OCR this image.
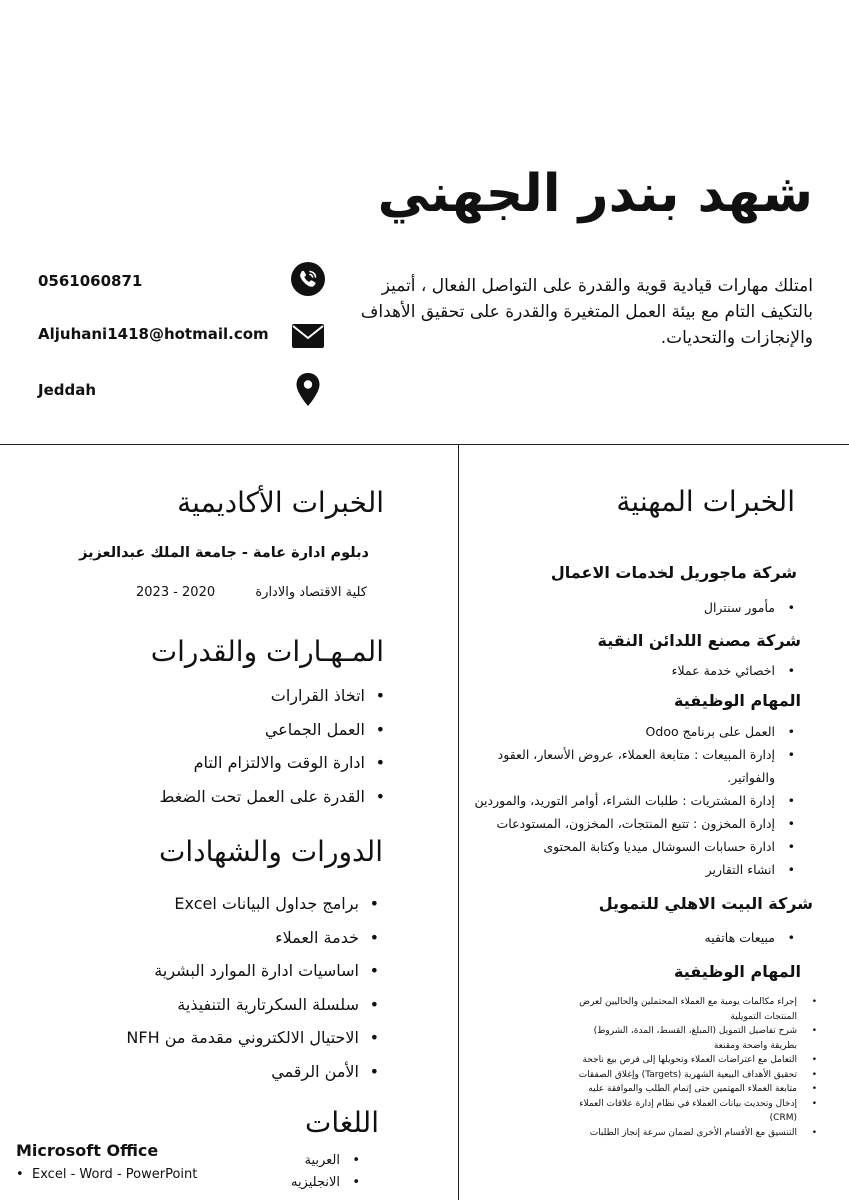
شهد بندر الجهني
امتلك مهارات قيادية قوية والقدرة على التواصل الفعال ، أتميز بالتكيف التام مع بيئة العمل المتغيرة والقدرة على تحقيق الأهداف والإنجازات والتحديات.
0561060871
Aljuhani1418@hotmail.com
Jeddah
الخبرات المهنية
شركة ماجوريل لخدمات الاعمال
• مأمور سنترال
شركة مصنع اللدائن النقية
• اخصائي خدمة عملاء
المهام الوظيفية
• العمل على برنامج Odoo
• إدارة المبيعات : متابعة العملاء، عروض الأسعار، العقود والفواتير.
• إدارة المشتريات : طلبات الشراء، أوامر التوريد، والموردين
• إدارة المخزون : تتبع المنتجات، المخزون، المستودعات
• ادارة حسابات السوشال ميديا وكتابة المحتوى
• انشاء التقارير
شركة البيت الاهلي للتمويل
• مبيعات هاتفيه
المهام الوظيفية
• إجراء مكالمات يومية مع العملاء المحتملين والحاليين لعرض المنتجات التمويلية
• شرح تفاصيل التمويل (المبلغ، القسط، المدة، الشروط) بطريقة واضحة ومقنعة
• التعامل مع اعتراضات العملاء وتحويلها إلى فرص بيع ناجحة
• تحقيق الأهداف البيعية الشهرية (Targets) وإغلاق الصفقات
• متابعة العملاء المهتمين حتى إتمام الطلب والموافقة عليه
• إدخال وتحديث بيانات العملاء في نظام إدارة علاقات العملاء (CRM)
• التنسيق مع الأقسام الأخرى لضمان سرعة إنجاز الطلبات
الخبرات الأكاديمية
دبلوم ادارة عامة - جامعة الملك عبدالعزيز
كلية الاقتصاد والادارة
2023 - 2020
المـهـارات والقدرات
• اتخاذ القرارات
• العمل الجماعي
• ادارة الوقت والالتزام التام
• القدرة على العمل تحت الضغط
الدورات والشهادات
• برامج جداول البيانات Excel
• خدمة العملاء
• اساسيات ادارة الموارد البشرية
• سلسلة السكرتارية التنفيذية
• الاحتيال الالكتروني مقدمة من NFH
• الأمن الرقمي
اللغات
• العربية
• الانجليزيه
Microsoft Office
• Excel - Word - PowerPoint
